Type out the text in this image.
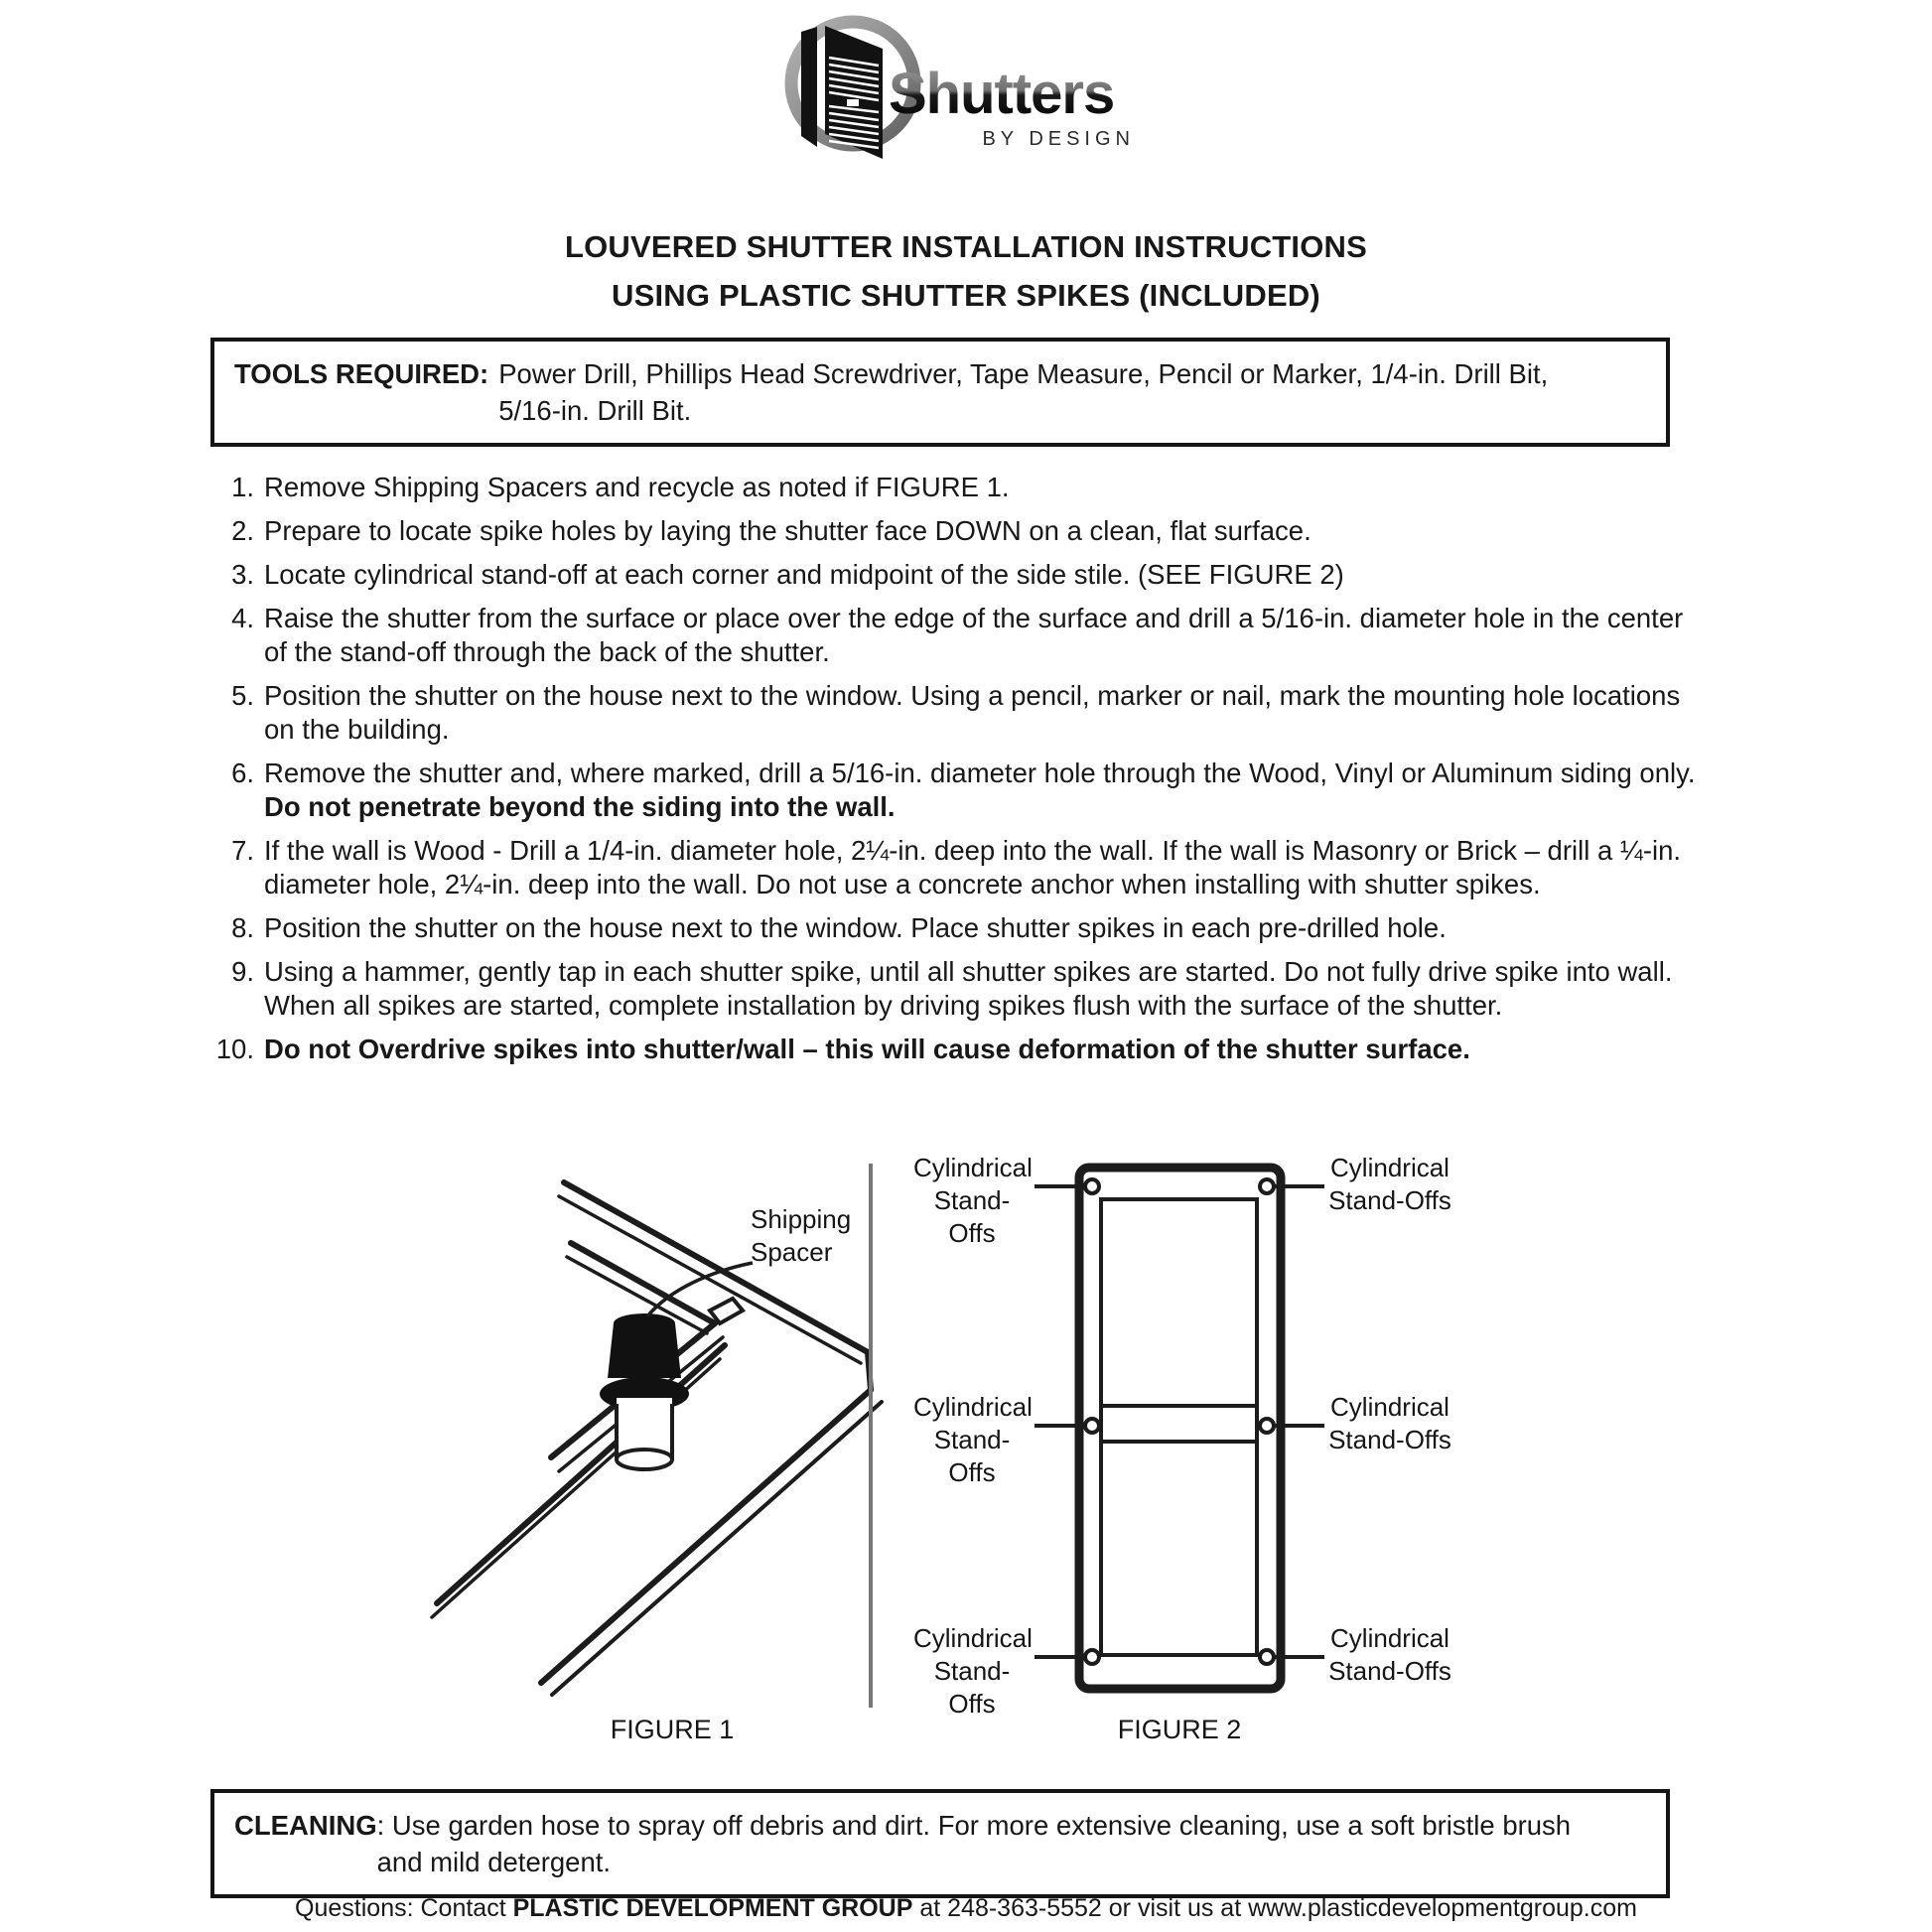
Shutters
BY DESIGN
LOUVERED SHUTTER INSTALLATION INSTRUCTIONS
USING PLASTIC SHUTTER SPIKES (INCLUDED)
TOOLS REQUIRED: Power Drill, Phillips Head Screwdriver, Tape Measure, Pencil or Marker, 1/4-in. Drill Bit, 5/16-in. Drill Bit.
1. Remove Shipping Spacers and recycle as noted if FIGURE 1.
2. Prepare to locate spike holes by laying the shutter face DOWN on a clean, flat surface.
3. Locate cylindrical stand-off at each corner and midpoint of the side stile. (SEE FIGURE 2)
4. Raise the shutter from the surface or place over the edge of the surface and drill a 5/16-in. diameter hole in the center of the stand-off through the back of the shutter.
5. Position the shutter on the house next to the window. Using a pencil, marker or nail, mark the mounting hole locations on the building.
6. Remove the shutter and, where marked, drill a 5/16-in. diameter hole through the Wood, Vinyl or Aluminum siding only. Do not penetrate beyond the siding into the wall.
7. If the wall is Wood - Drill a 1/4-in. diameter hole, 2¼-in. deep into the wall. If the wall is Masonry or Brick – drill a ¼-in. diameter hole, 2¼-in. deep into the wall. Do not use a concrete anchor when installing with shutter spikes.
8. Position the shutter on the house next to the window. Place shutter spikes in each pre-drilled hole.
9. Using a hammer, gently tap in each shutter spike, until all shutter spikes are started. Do not fully drive spike into wall. When all spikes are started, complete installation by driving spikes flush with the surface of the shutter.
10. Do not Overdrive spikes into shutter/wall – this will cause deformation of the shutter surface.
Shipping Spacer
Cylindrical Stand-Offs
Cylindrical Stand-Offs
Cylindrical Stand-Offs
Cylindrical Stand-Offs
Cylindrical Stand-Offs
Cylindrical Stand-Offs
FIGURE 1	FIGURE 2
CLEANING : Use garden hose to spray off debris and dirt. For more extensive cleaning, use a soft bristle brush and mild detergent.
Questions: Contact PLASTIC DEVELOPMENT GROUP at 248-363-5552 or visit us at www.plasticdevelopmentgroup.com
